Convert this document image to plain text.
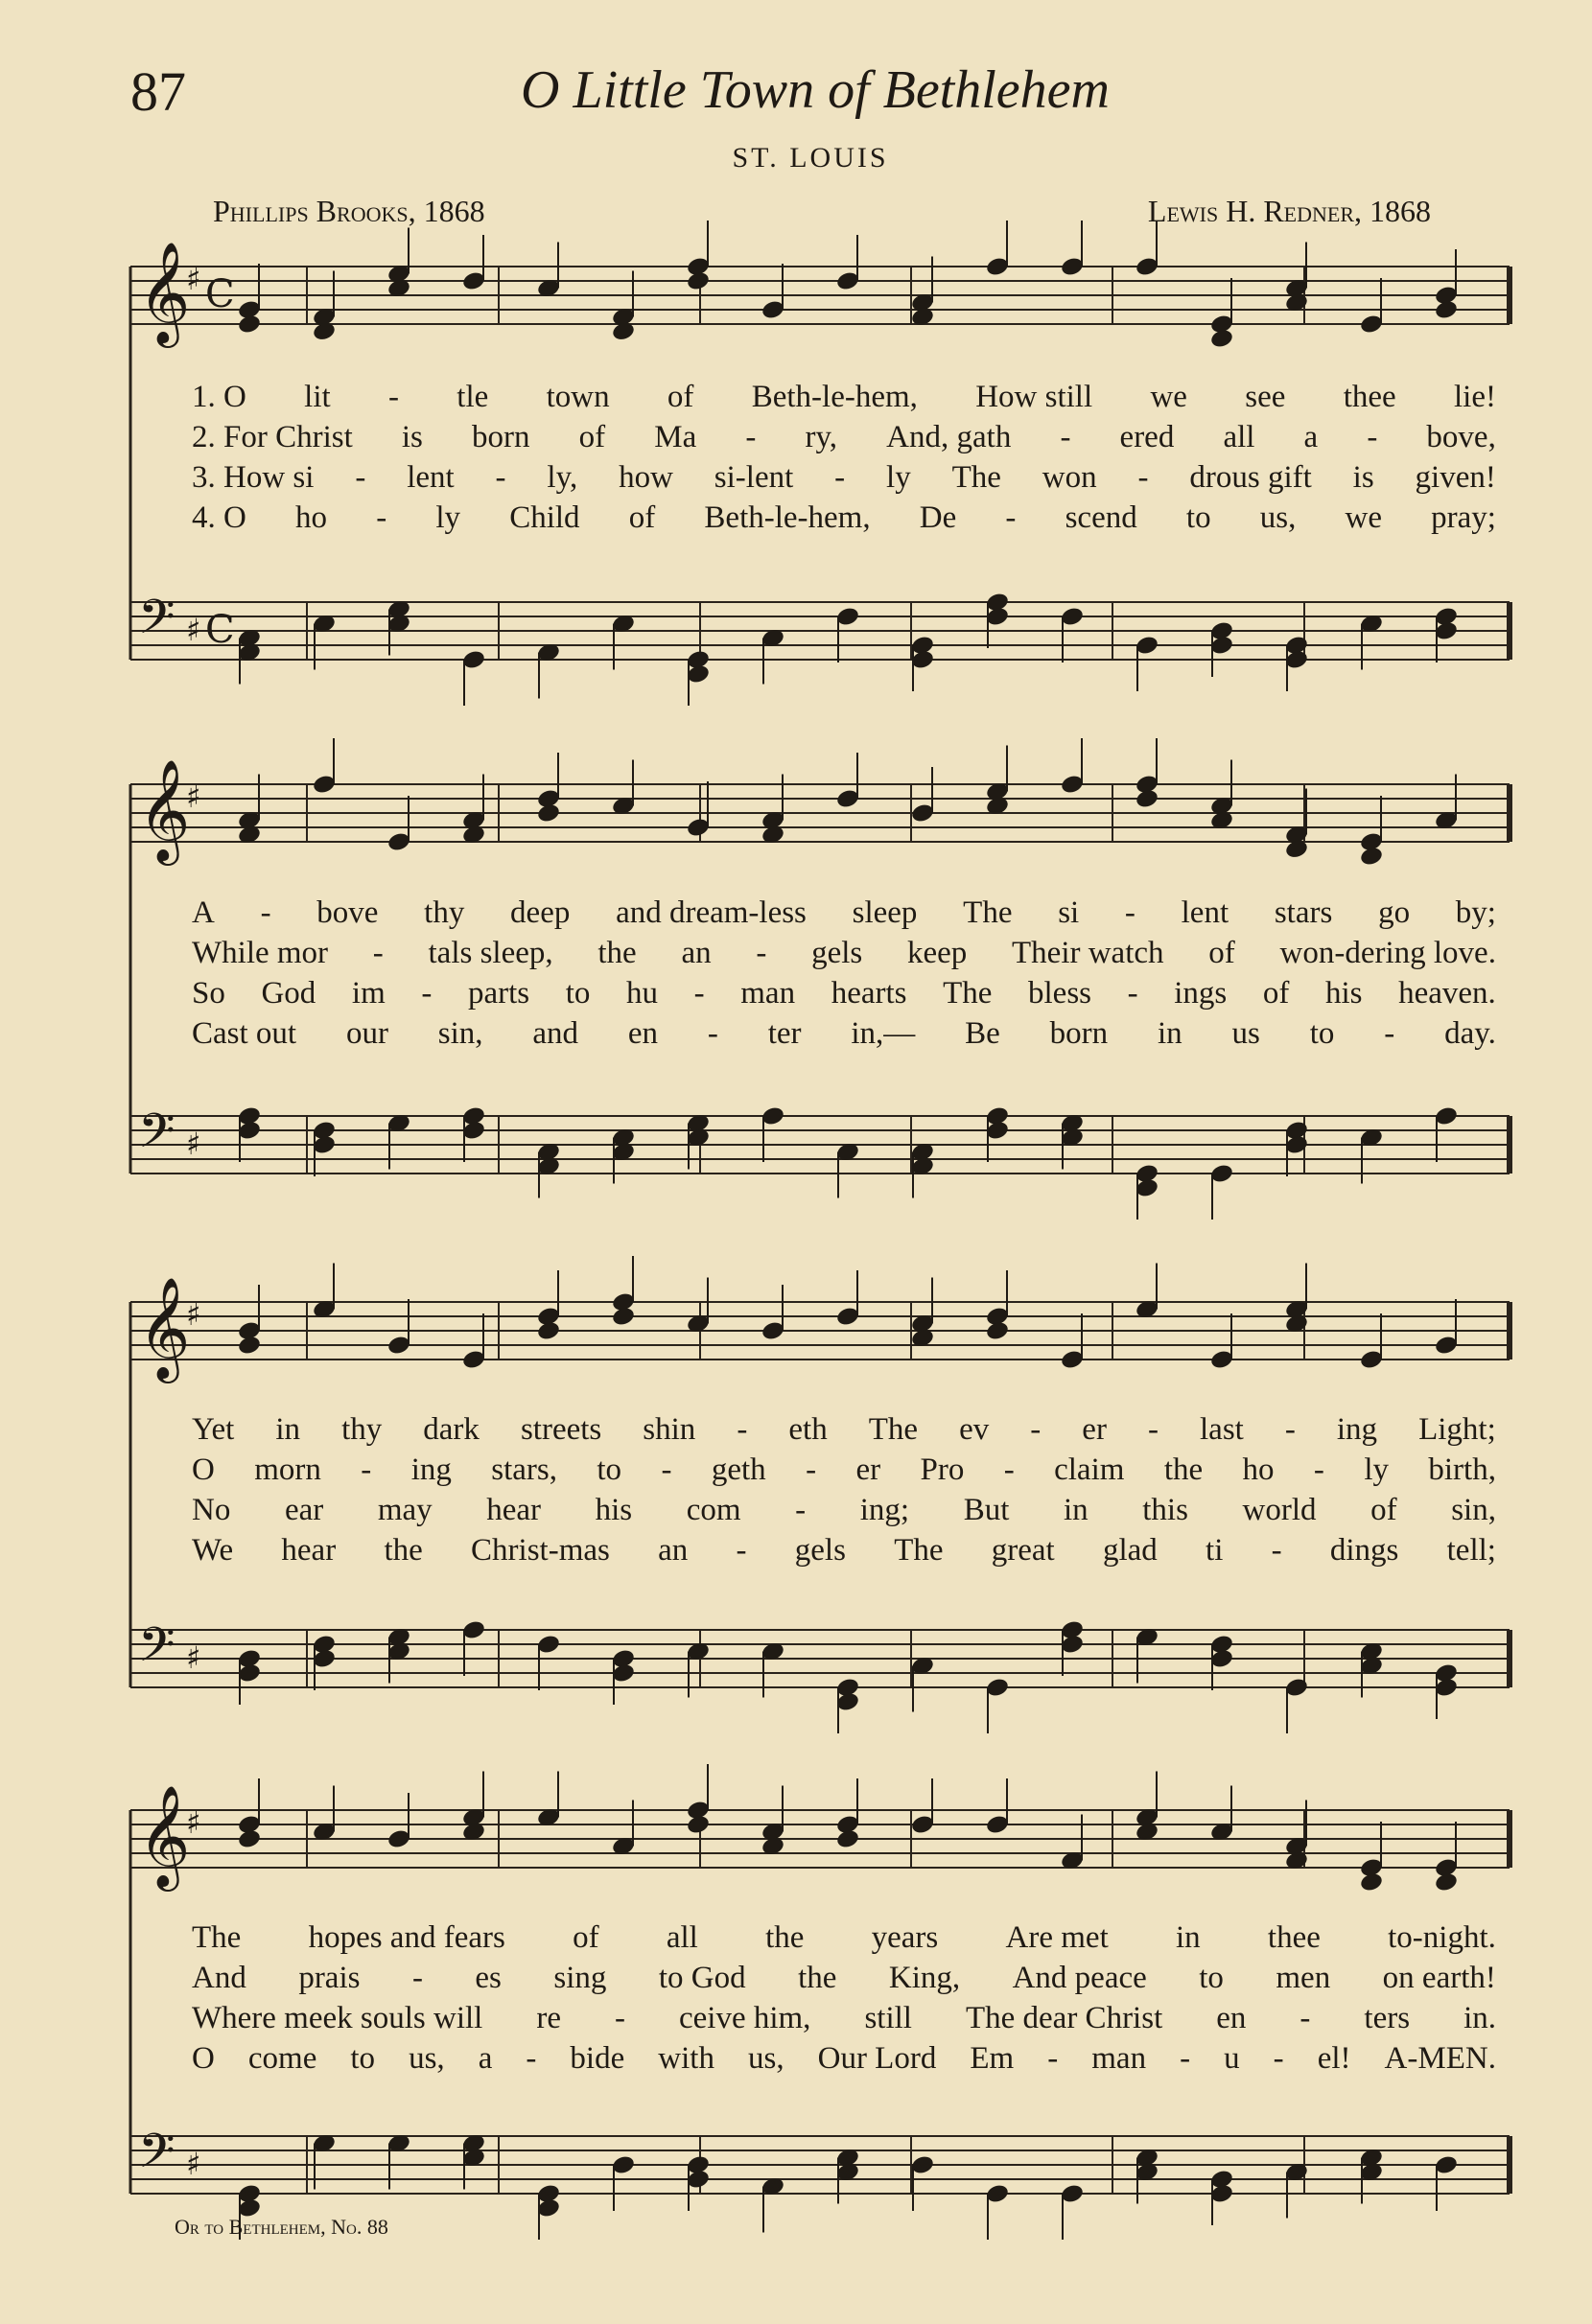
87	O Little Town of Bethlehem
ST. LOUIS
Phillips Brooks, 1868	Lewis H. Redner, 1868
𝄞
♯ C
𝄢 ♯ C
1. O lit - tle town of Beth-le-hem, How still we see thee lie!
2. For Christ is born of Ma - ry, And, gath - ered all a - bove,
3. How si - lent - ly, how si-lent - ly The won - drous gift is given!
4. O ho - ly Child of Beth-le-hem, De - scend to us, we pray;
𝄞
♯
𝄢 ♯
A - bove thy deep and dream-less sleep The si - lent stars go by;
While mor - tals sleep, the an - gels keep Their watch of won-dering love.
So God im - parts to hu - man hearts The bless - ings of his heaven.
Cast out our sin, and en - ter in,— Be born in us to - day.
𝄞
♯
𝄢 ♯
Yet in thy dark streets shin - eth The ev - er - last - ing Light;
O morn - ing stars, to - geth - er Pro - claim the ho - ly birth,
No ear may hear his com - ing; But in this world of sin,
We hear the Christ-mas an - gels The great glad ti - dings tell;
𝄞
♯
𝄢 ♯
The hopes and fears of all the years Are met in thee to-night.
And prais - es sing to God the King, And peace to men on earth!
Where meek souls will re - ceive him, still The dear Christ en - ters in.
O come to us, a - bide with us, Our Lord Em - man - u - el! A-MEN.
Or to Bethlehem, No. 88
